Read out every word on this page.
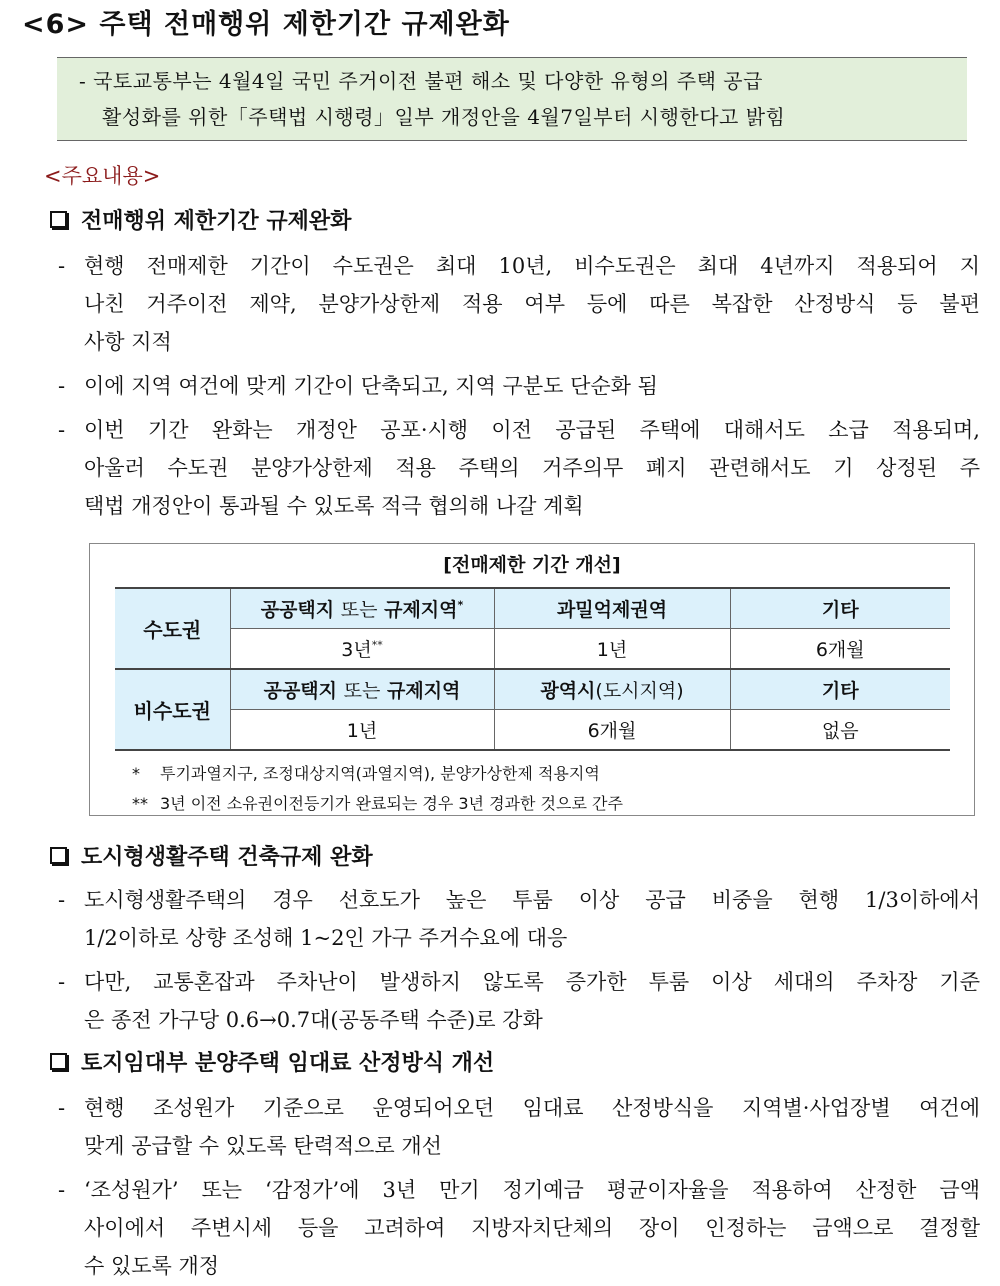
<6> 주택 전매행위 제한기간 규제완화
- 국토교통부는 4월4일 국민 주거이전 불편 해소 및 다양한 유형의 주택 공급
활성화를 위한「주택법 시행령」일부 개정안을 4월7일부터 시행한다고 밝힘
<주요내용>
전매행위 제한기간 규제완화
- 현행 전매제한 기간이 수도권은 최대 10년, 비수도권은 최대 4년까지 적용되어 지
나친 거주이전 제약, 분양가상한제 적용 여부 등에 따른 복잡한 산정방식 등 불편
사항 지적
- 이에 지역 여건에 맞게 기간이 단축되고, 지역 구분도 단순화 됨
- 이번 기간 완화는 개정안 공포·시행 이전 공급된 주택에 대해서도 소급 적용되며,
아울러 수도권 분양가상한제 적용 주택의 거주의무 폐지 관련해서도 기 상정된 주
택법 개정안이 통과될 수 있도록 적극 협의해 나갈 계획
[전매제한 기간 개선]
수도권	공공택지 또는 규제지역*	과밀억제권역	기타
	3년**	1년	6개월
비수도권	공공택지 또는 규제지역	광역시(도시지역)	기타
	1년	6개월	없음
* 투기과열지구, 조정대상지역(과열지역), 분양가상한제 적용지역
** 3년 이전 소유권이전등기가 완료되는 경우 3년 경과한 것으로 간주
도시형생활주택 건축규제 완화
- 도시형생활주택의 경우 선호도가 높은 투룸 이상 공급 비중을 현행 1/3이하에서
1/2이하로 상향 조성해 1~2인 가구 주거수요에 대응
- 다만, 교통혼잡과 주차난이 발생하지 않도록 증가한 투룸 이상 세대의 주차장 기준
은 종전 가구당 0.6→0.7대(공동주택 수준)로 강화
토지임대부 분양주택 임대료 산정방식 개선
- 현행 조성원가 기준으로 운영되어오던 임대료 산정방식을 지역별·사업장별 여건에
맞게 공급할 수 있도록 탄력적으로 개선
- ‘조성원가’ 또는 ‘감정가’에 3년 만기 정기예금 평균이자율을 적용하여 산정한 금액
사이에서 주변시세 등을 고려하여 지방자치단체의 장이 인정하는 금액으로 결정할
수 있도록 개정
